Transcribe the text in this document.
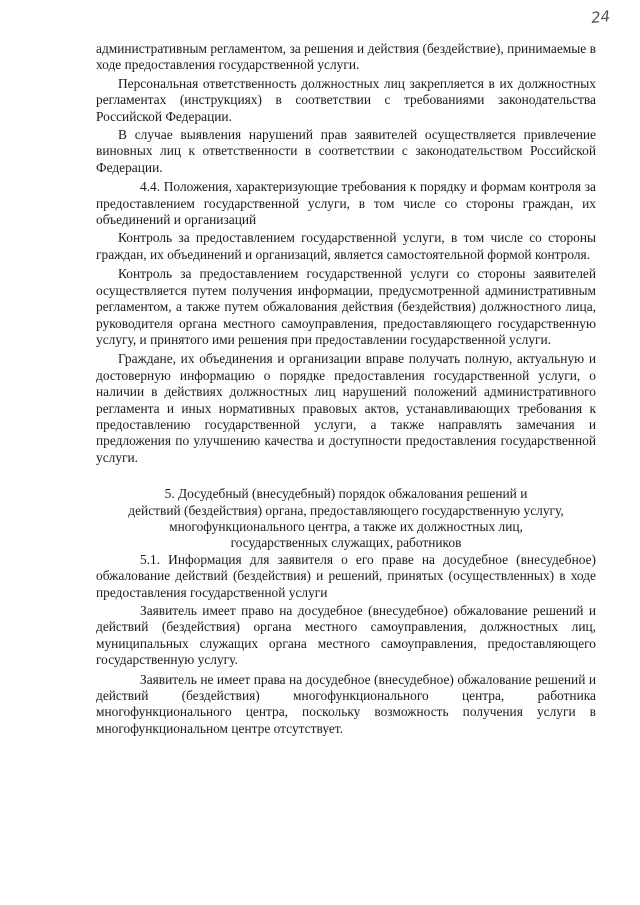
24

административным регламентом, за решения и действия (бездействие), принимаемые в ходе предоставления государственной услуги.

Персональная ответственность должностных лиц закрепляется в их должностных регламентах (инструкциях) в соответствии с требованиями законодательства Российской Федерации.

В случае выявления нарушений прав заявителей осуществляется привлечение виновных лиц к ответственности в соответствии с законодательством Российской Федерации.

4.4. Положения, характеризующие требования к порядку и формам контроля за предоставлением государственной услуги, в том числе со стороны граждан, их объединений и организаций

Контроль за предоставлением государственной услуги, в том числе со стороны граждан, их объединений и организаций, является самостоятельной формой контроля.

Контроль за предоставлением государственной услуги со стороны заявителей осуществляется путем получения информации, предусмотренной административным регламентом, а также путем обжалования действия (бездействия) должностного лица, руководителя органа местного самоуправления, предоставляющего государственную услугу, и принятого ими решения при предоставлении государственной услуги.

Граждане, их объединения и организации вправе получать полную, актуальную и достоверную информацию о порядке предоставления государственной услуги, о наличии в действиях должностных лиц нарушений положений административного регламента и иных нормативных правовых актов, устанавливающих требования к предоставлению государственной услуги, а также направлять замечания и предложения по улучшению качества и доступности предоставления государственной услуги.

5. Досудебный (внесудебный) порядок обжалования решений и
действий (бездействия) органа, предоставляющего государственную услугу,
многофункционального центра, а также их должностных лиц,
государственных служащих, работников

5.1. Информация для заявителя о его праве на досудебное (внесудебное) обжалование действий (бездействия) и решений, принятых (осуществленных) в ходе предоставления государственной услуги

Заявитель имеет право на досудебное (внесудебное) обжалование решений и действий (бездействия) органа местного самоуправления, должностных лиц, муниципальных служащих органа местного самоуправления, предоставляющего государственную услугу.

Заявитель не имеет права на досудебное (внесудебное) обжалование решений и действий (бездействия) многофункционального центра, работника многофункционального центра, поскольку возможность получения услуги в многофункциональном центре отсутствует.
